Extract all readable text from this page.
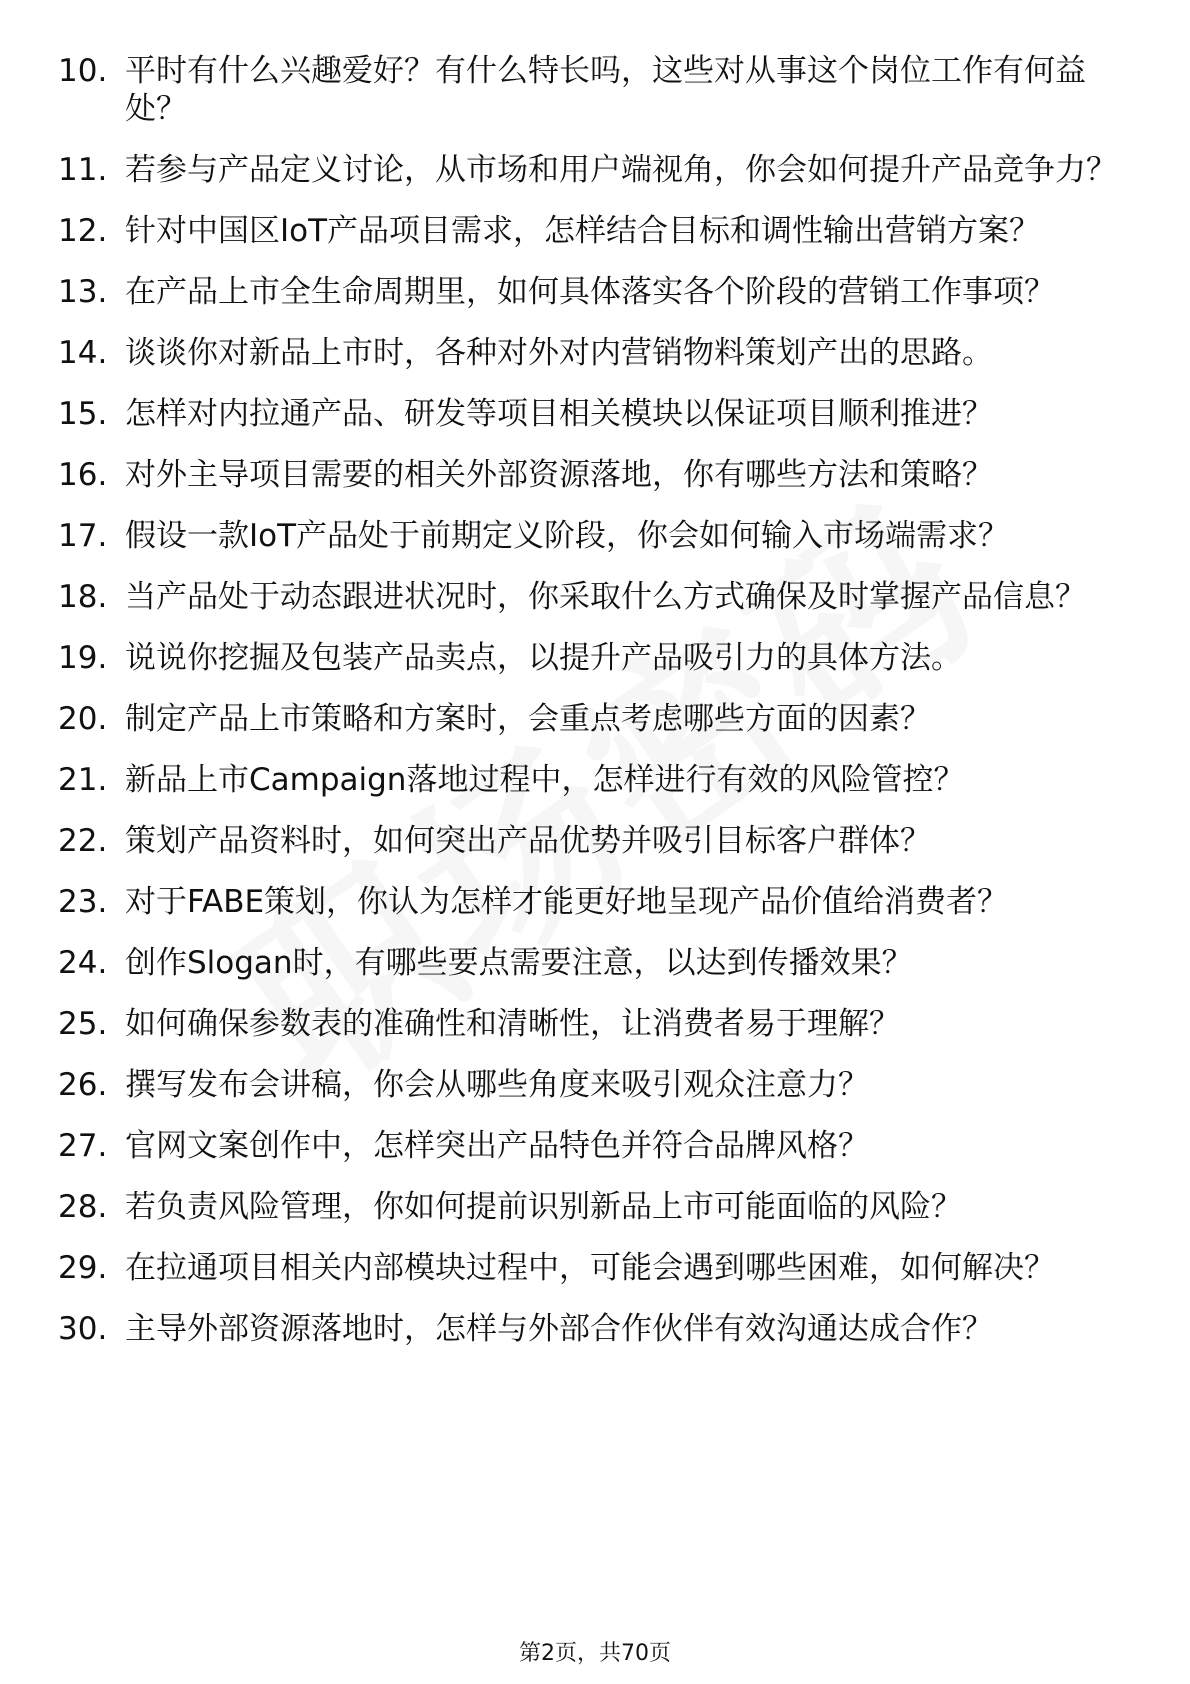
10. 平时有什么兴趣爱好？有什么特长吗，这些对从事这个岗位工作有何益处？
11. 若参与产品定义讨论，从市场和用户端视角，你会如何提升产品竞争力？
12. 针对中国区IoT产品项目需求，怎样结合目标和调性输出营销方案？
13. 在产品上市全生命周期里，如何具体落实各个阶段的营销工作事项？
14. 谈谈你对新品上市时，各种对外对内营销物料策划产出的思路。
15. 怎样对内拉通产品、研发等项目相关模块以保证项目顺利推进？
16. 对外主导项目需要的相关外部资源落地，你有哪些方法和策略？
17. 假设一款IoT产品处于前期定义阶段，你会如何输入市场端需求？
18. 当产品处于动态跟进状况时，你采取什么方式确保及时掌握产品信息？
19. 说说你挖掘及包装产品卖点，以提升产品吸引力的具体方法。
20. 制定产品上市策略和方案时，会重点考虑哪些方面的因素？
21. 新品上市Campaign落地过程中，怎样进行有效的风险管控？
22. 策划产品资料时，如何突出产品优势并吸引目标客户群体？
23. 对于FABE策划，你认为怎样才能更好地呈现产品价值给消费者？
24. 创作Slogan时，有哪些要点需要注意，以达到传播效果？
25. 如何确保参数表的准确性和清晰性，让消费者易于理解？
26. 撰写发布会讲稿，你会从哪些角度来吸引观众注意力？
27. 官网文案创作中，怎样突出产品特色并符合品牌风格？
28. 若负责风险管理，你如何提前识别新品上市可能面临的风险？
29. 在拉通项目相关内部模块过程中，可能会遇到哪些困难，如何解决？
30. 主导外部资源落地时，怎样与外部合作伙伴有效沟通达成合作？
第2页，共70页
